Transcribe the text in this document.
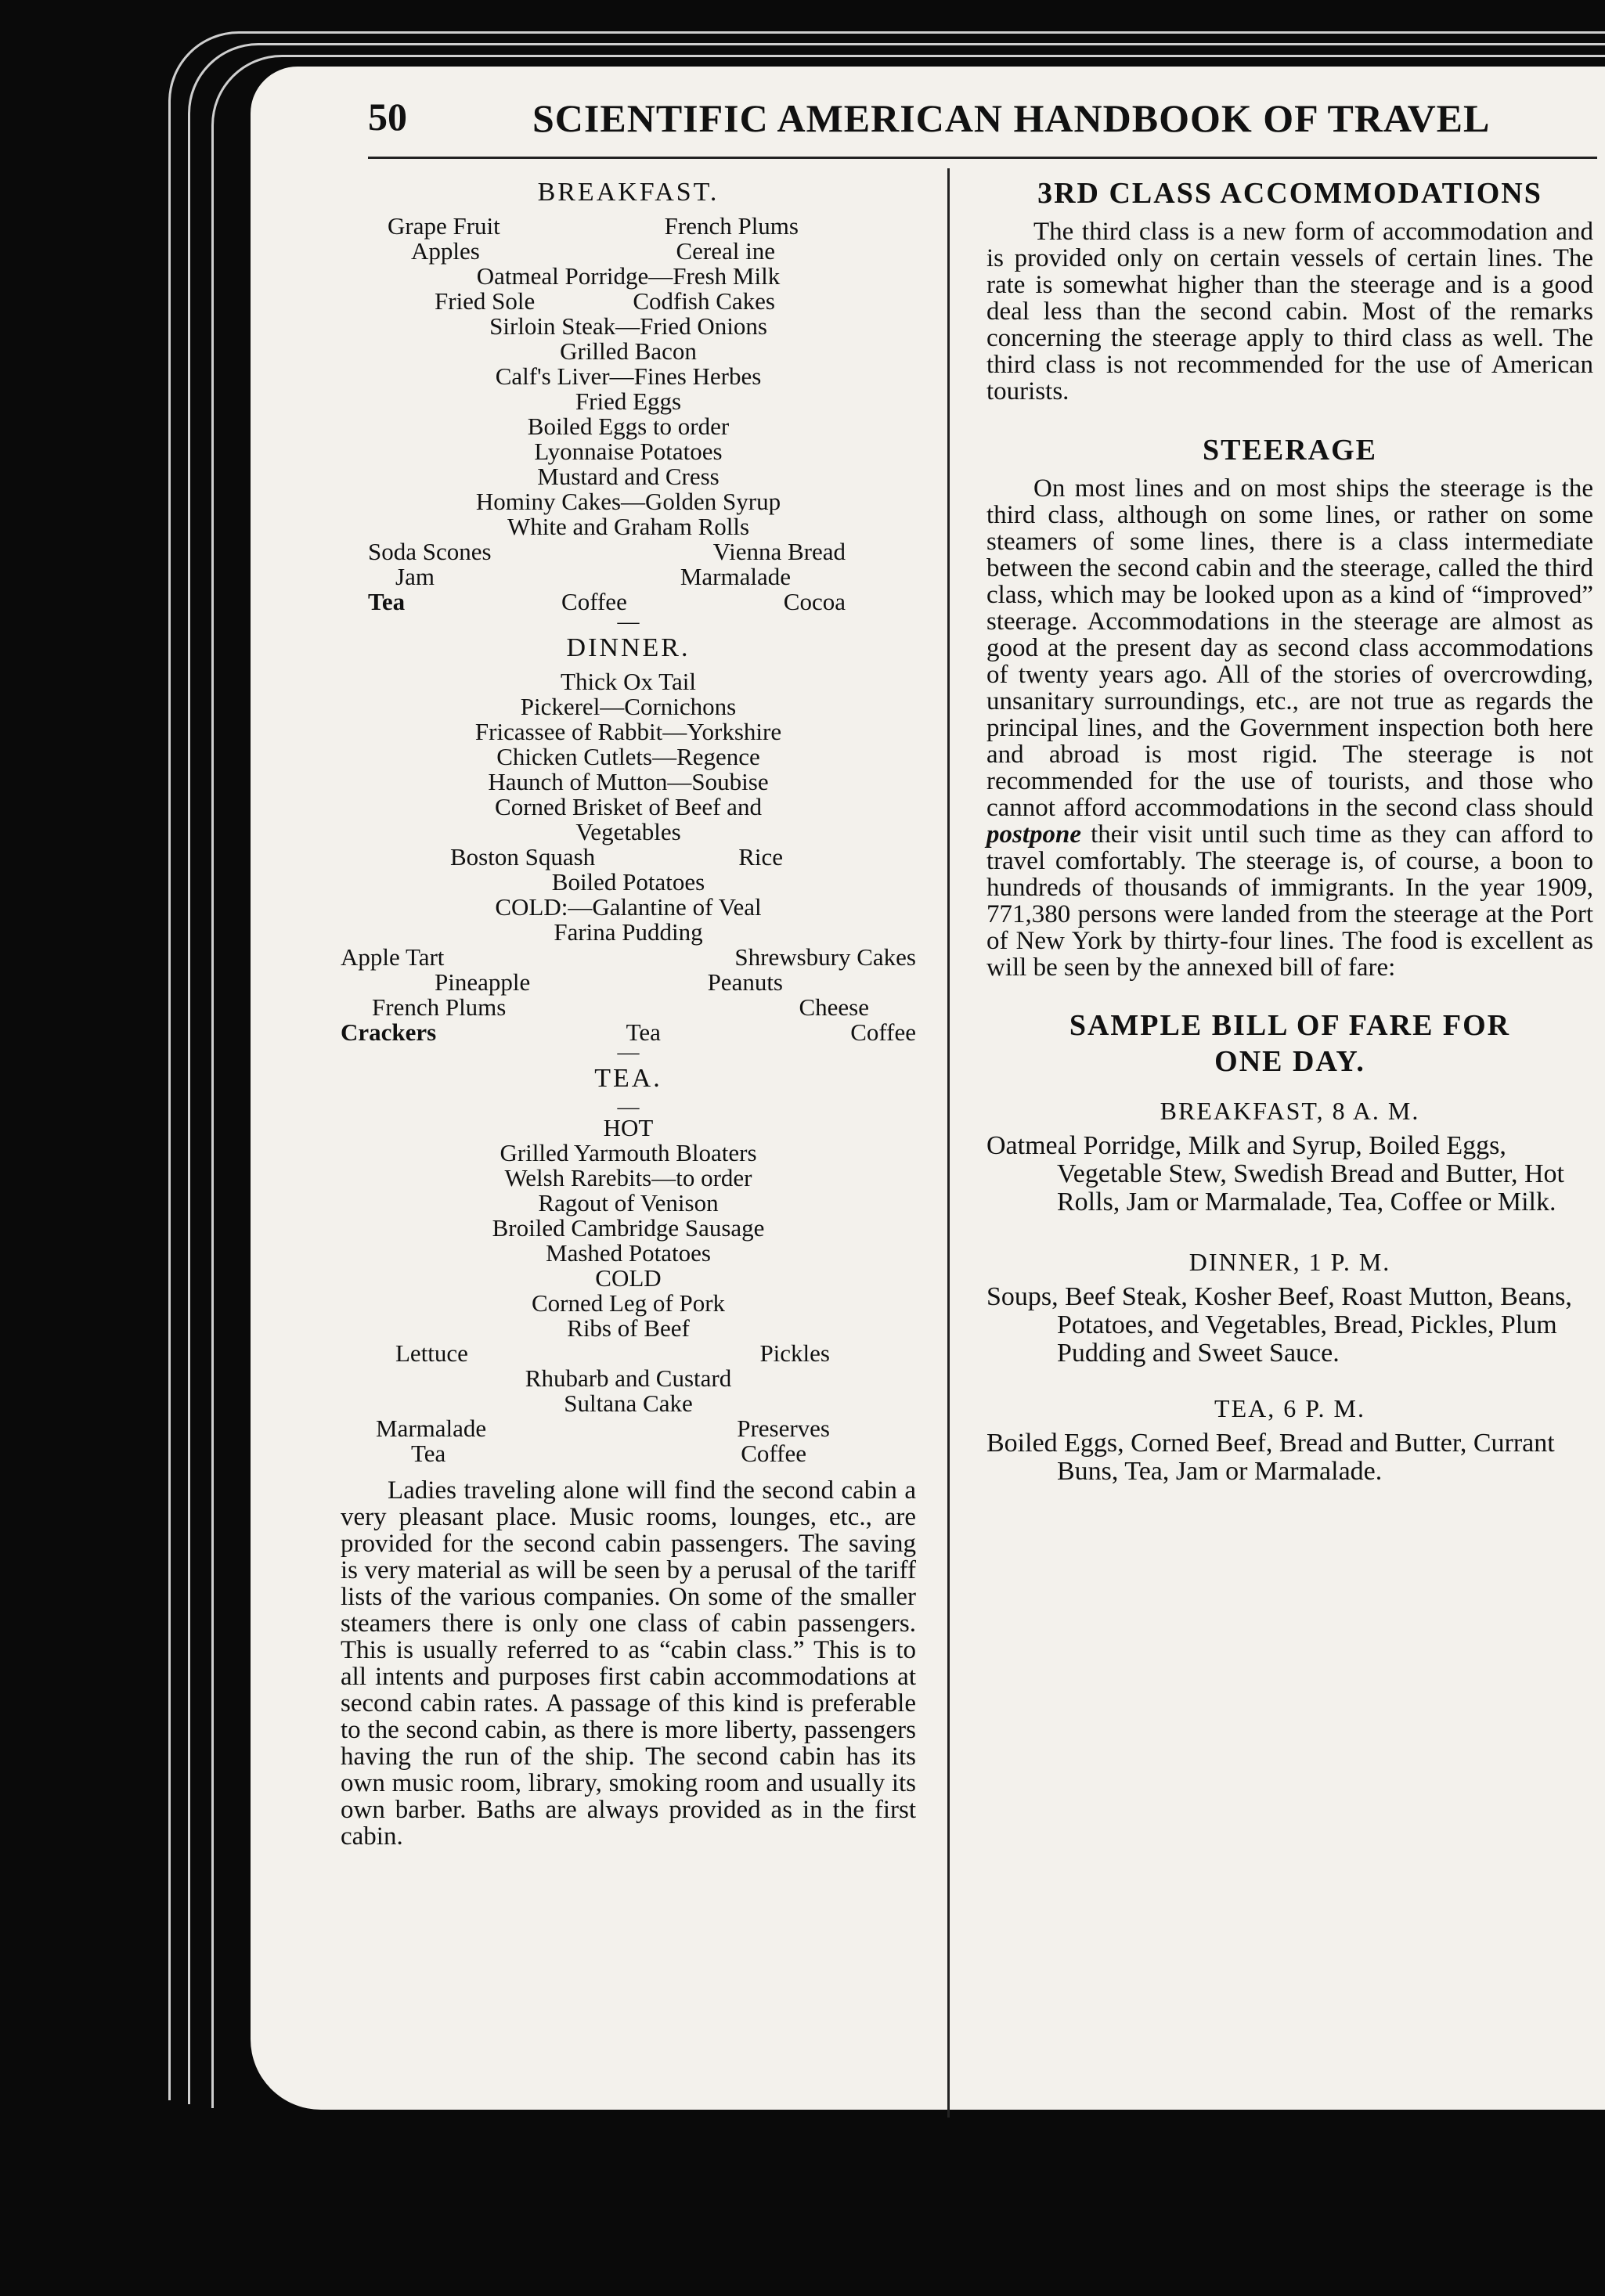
50	SCIENTIFIC AMERICAN HANDBOOK OF TRAVEL
BREAKFAST.
Grape Fruit	French Plums
Apples	Cereal ine
Oatmeal Porridge—Fresh Milk
Fried Sole	Codfish Cakes
Sirloin Steak—Fried Onions
Grilled Bacon
Calf's Liver—Fines Herbes
Fried Eggs
Boiled Eggs to order
Lyonnaise Potatoes
Mustard and Cress
Hominy Cakes—Golden Syrup
White and Graham Rolls
Soda Scones	Vienna Bread
Jam	Marmalade
Tea	Coffee	Cocoa
—
DINNER.
Thick Ox Tail
Pickerel—Cornichons
Fricassee of Rabbit—Yorkshire
Chicken Cutlets—Regence
Haunch of Mutton—Soubise
Corned Brisket of Beef and
Vegetables
Boston Squash	Rice
Boiled Potatoes
COLD:—Galantine of Veal
Farina Pudding
Apple Tart	Shrewsbury Cakes
Pineapple	Peanuts
French Plums	Cheese
Crackers	Tea	Coffee
—
TEA.
—
HOT
Grilled Yarmouth Bloaters
Welsh Rarebits—to order
Ragout of Venison
Broiled Cambridge Sausage
Mashed Potatoes
COLD
Corned Leg of Pork
Ribs of Beef
Lettuce	Pickles
Rhubarb and Custard
Sultana Cake
Marmalade	Preserves
Tea	Coffee

Ladies traveling alone will find the second cabin a very pleasant place. Music rooms, lounges, etc., are provided for the second cabin passengers. The saving is very material as will be seen by a perusal of the tariff lists of the various companies. On some of the smaller steamers there is only one class of cabin passengers. This is usually referred to as “cabin class.” This is to all intents and purposes first cabin accommodations at second cabin rates. A passage of this kind is preferable to the second cabin, as there is more liberty, passengers having the run of the ship. The second cabin has its own music room, library, smoking room and usually its own barber. Baths are always provided as in the first cabin.

3RD CLASS ACCOMMODATIONS

The third class is a new form of accommodation and is provided only on certain vessels of certain lines. The rate is somewhat higher than the steerage and is a good deal less than the second cabin. Most of the remarks concerning the steerage apply to third class as well. The third class is not recommended for the use of American tourists.

STEERAGE

On most lines and on most ships the steerage is the third class, although on some lines, or rather on some steamers of some lines, there is a class intermediate between the second cabin and the steerage, called the third class, which may be looked upon as a kind of “improved” steerage. Accommodations in the steerage are almost as good at the present day as second class accommodations of twenty years ago. All of the stories of overcrowding, unsanitary surroundings, etc., are not true as regards the principal lines, and the Government inspection both here and abroad is most rigid. The steerage is not recommended for the use of tourists, and those who cannot afford accommodations in the second class should postpone their visit until such time as they can afford to travel comfortably. The steerage is, of course, a boon to hundreds of thousands of immigrants. In the year 1909, 771,380 persons were landed from the steerage at the Port of New York by thirty-four lines. The food is excellent as will be seen by the annexed bill of fare:

SAMPLE BILL OF FARE FOR
ONE DAY.
BREAKFAST, 8 A. M.

Oatmeal Porridge, Milk and Syrup, Boiled Eggs, Vegetable Stew, Swedish Bread and Butter, Hot Rolls, Jam or Marmalade, Tea, Coffee or Milk.

DINNER, 1 P. M.

Soups, Beef Steak, Kosher Beef, Roast Mutton, Beans, Potatoes, and Vegetables, Bread, Pickles, Plum Pudding and Sweet Sauce.

TEA, 6 P. M.

Boiled Eggs, Corned Beef, Bread and Butter, Currant Buns, Tea, Jam or Marmalade.
